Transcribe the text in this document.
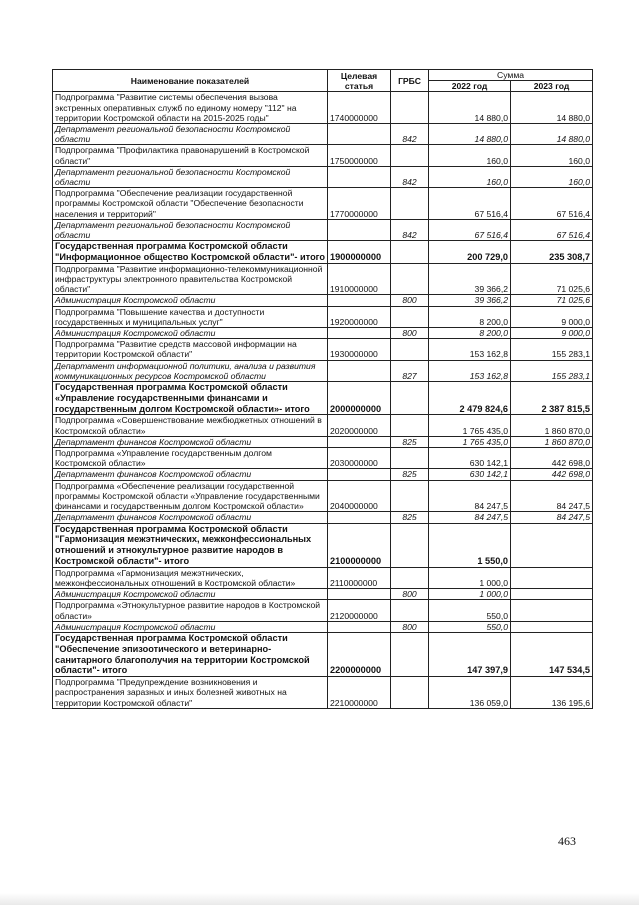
Наименование показателей	Целевая статья	ГРБС	Сумма	
			2022 год	2023 год
Подпрограмма "Развитие системы обеспечения вызова экстренных оперативных служб по единому номеру "112" на территории Костромской области на 2015-2025 годы"	1740000000		14 880,0	14 880,0
Департамент региональной безопасности Костромской области		842	14 880,0	14 880,0
Подпрограмма "Профилактика правонарушений в Костромской области"	1750000000		160,0	160,0
Департамент региональной безопасности Костромской области		842	160,0	160,0
Подпрограмма "Обеспечение реализации государственной программы Костромской области "Обеспечение безопасности населения и территорий"	1770000000		67 516,4	67 516,4
Департамент региональной безопасности Костромской области		842	67 516,4	67 516,4
Государственная программа Костромской области "Информационное общество Костромской области"- итого	1900000000		200 729,0	235 308,7
Подпрограмма "Развитие информационно-телекоммуникационной инфраструктуры электронного правительства Костромской области"	1910000000		39 366,2	71 025,6
Администрация Костромской области		800	39 366,2	71 025,6
Подпрограмма "Повышение качества и доступности государственных и муниципальных услуг"	1920000000		8 200,0	9 000,0
Администрация Костромской области		800	8 200,0	9 000,0
Подпрограмма "Развитие средств массовой информации на территории Костромской области"	1930000000		153 162,8	155 283,1
Департамент информационной политики, анализа и развития коммуникационных ресурсов Костромской области		827	153 162,8	155 283,1
Государственная программа Костромской области «Управление государственными финансами и государственным долгом Костромской области»- итого	2000000000		2 479 824,6	2 387 815,5
Подпрограмма «Совершенствование межбюджетных отношений в Костромской области»	2020000000		1 765 435,0	1 860 870,0
Департамент финансов Костромской области		825	1 765 435,0	1 860 870,0
Подпрограмма «Управление государственным долгом Костромской области»	2030000000		630 142,1	442 698,0
Департамент финансов Костромской области		825	630 142,1	442 698,0
Подпрограмма «Обеспечение реализации государственной программы Костромской области «Управление государственными финансами и государственным долгом Костромской области»	2040000000		84 247,5	84 247,5
Департамент финансов Костромской области		825	84 247,5	84 247,5
Государственная программа Костромской области "Гармонизация межэтнических, межконфессиональных отношений и этнокультурное развитие народов в Костромской области"- итого	2100000000		1 550,0	
Подпрограмма «Гармонизация межэтнических, межконфессиональных отношений в Костромской области»	2110000000		1 000,0	
Администрация Костромской области		800	1 000,0	
Подпрограмма «Этнокультурное развитие народов в Костромской области»	2120000000		550,0	
Администрация Костромской области		800	550,0	
Государственная программа Костромской области "Обеспечение эпизоотического и ветеринарно-санитарного благополучия на территории Костромской области"- итого	2200000000		147 397,9	147 534,5
Подпрограмма "Предупреждение возникновения и распространения заразных и иных болезней животных на территории Костромской области"	2210000000		136 059,0	136 195,6
463
